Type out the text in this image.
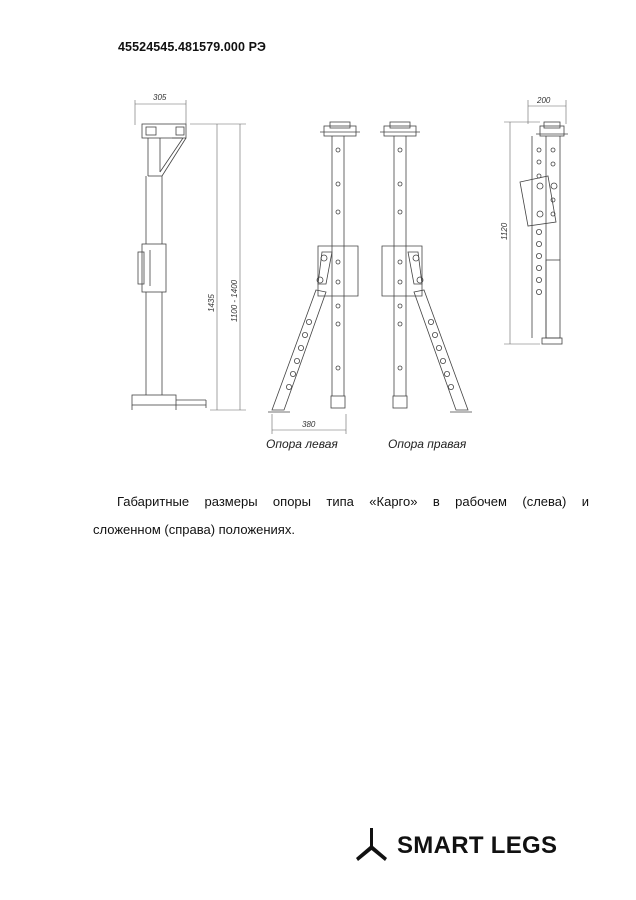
45524545.481579.000 РЭ
305
1435 1100 - 1400
380
200
1120
Опора левая	Опора правая
Габаритные размеры опоры типа «Карго» в рабочем (слева) и
сложенном (справа) положениях.
SMART LEGS
